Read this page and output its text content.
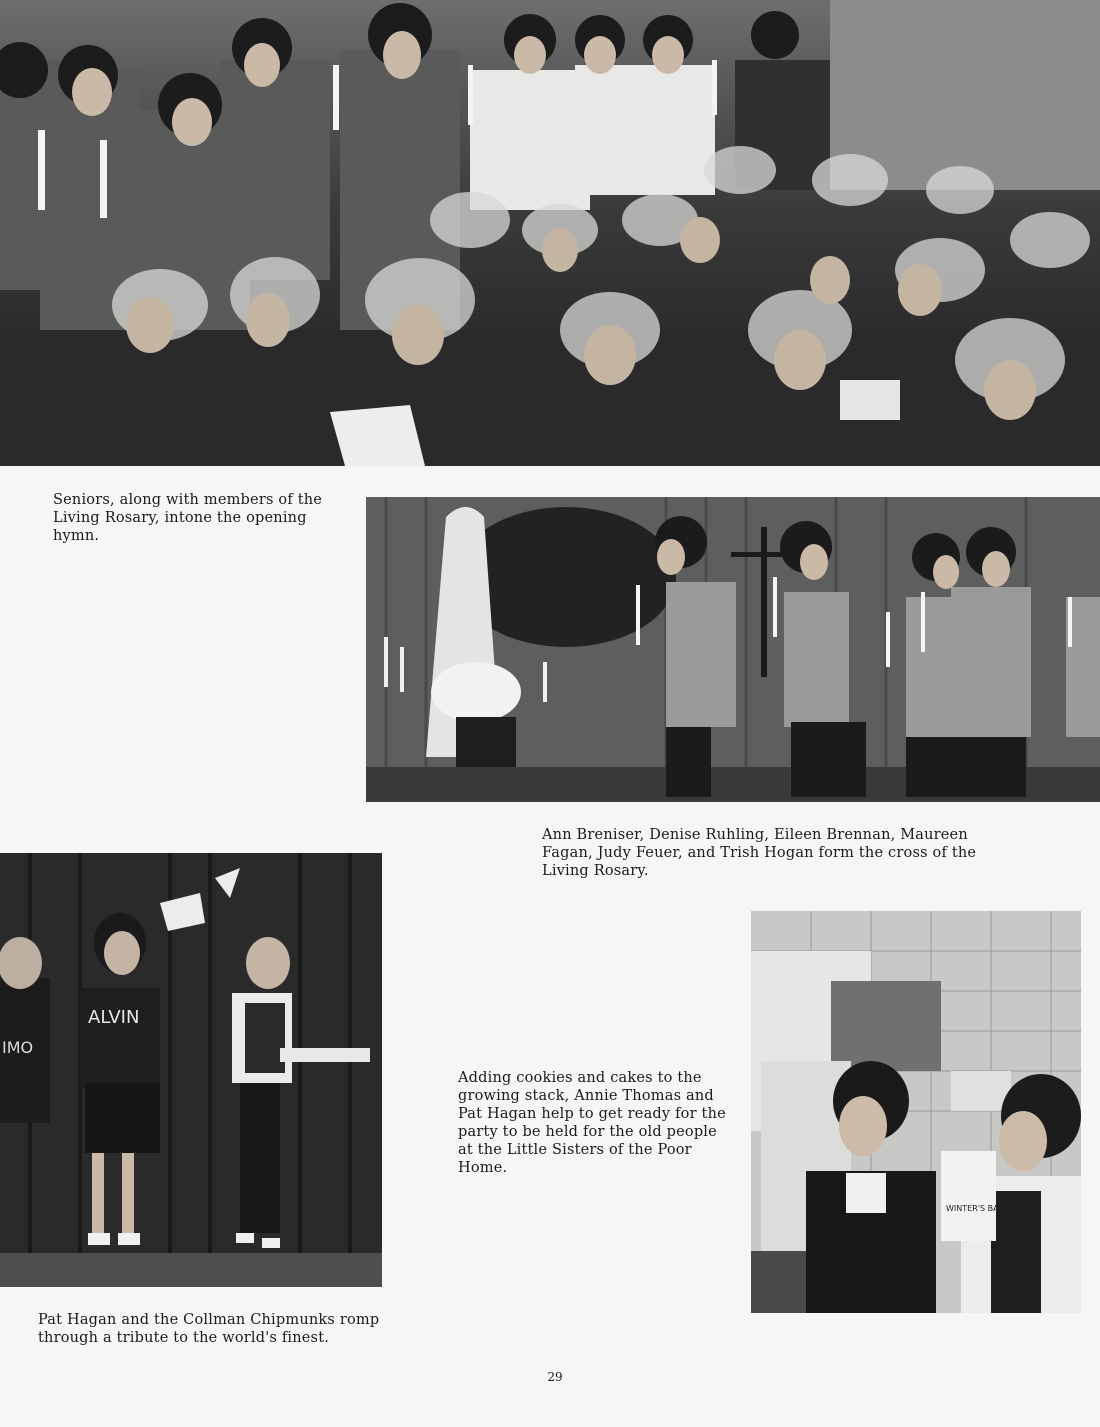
Seniors, along with members of the Living Rosary, intone the opening hymn.

Ann Breniser, Denise Ruhling, Eileen Brennan, Maureen Fagan, Judy Feuer, and Trish Hogan form the cross of the Living Rosary.

IMO
ALVIN

Pat Hagan and the Collman Chipmunks romp through a tribute to the world's finest.

Adding cookies and cakes to the growing stack, Annie Thomas and Pat Hagan help to get ready for the party to be held for the old people at the Little Sisters of the Poor Home.

WINTER'S BAKERY
29
